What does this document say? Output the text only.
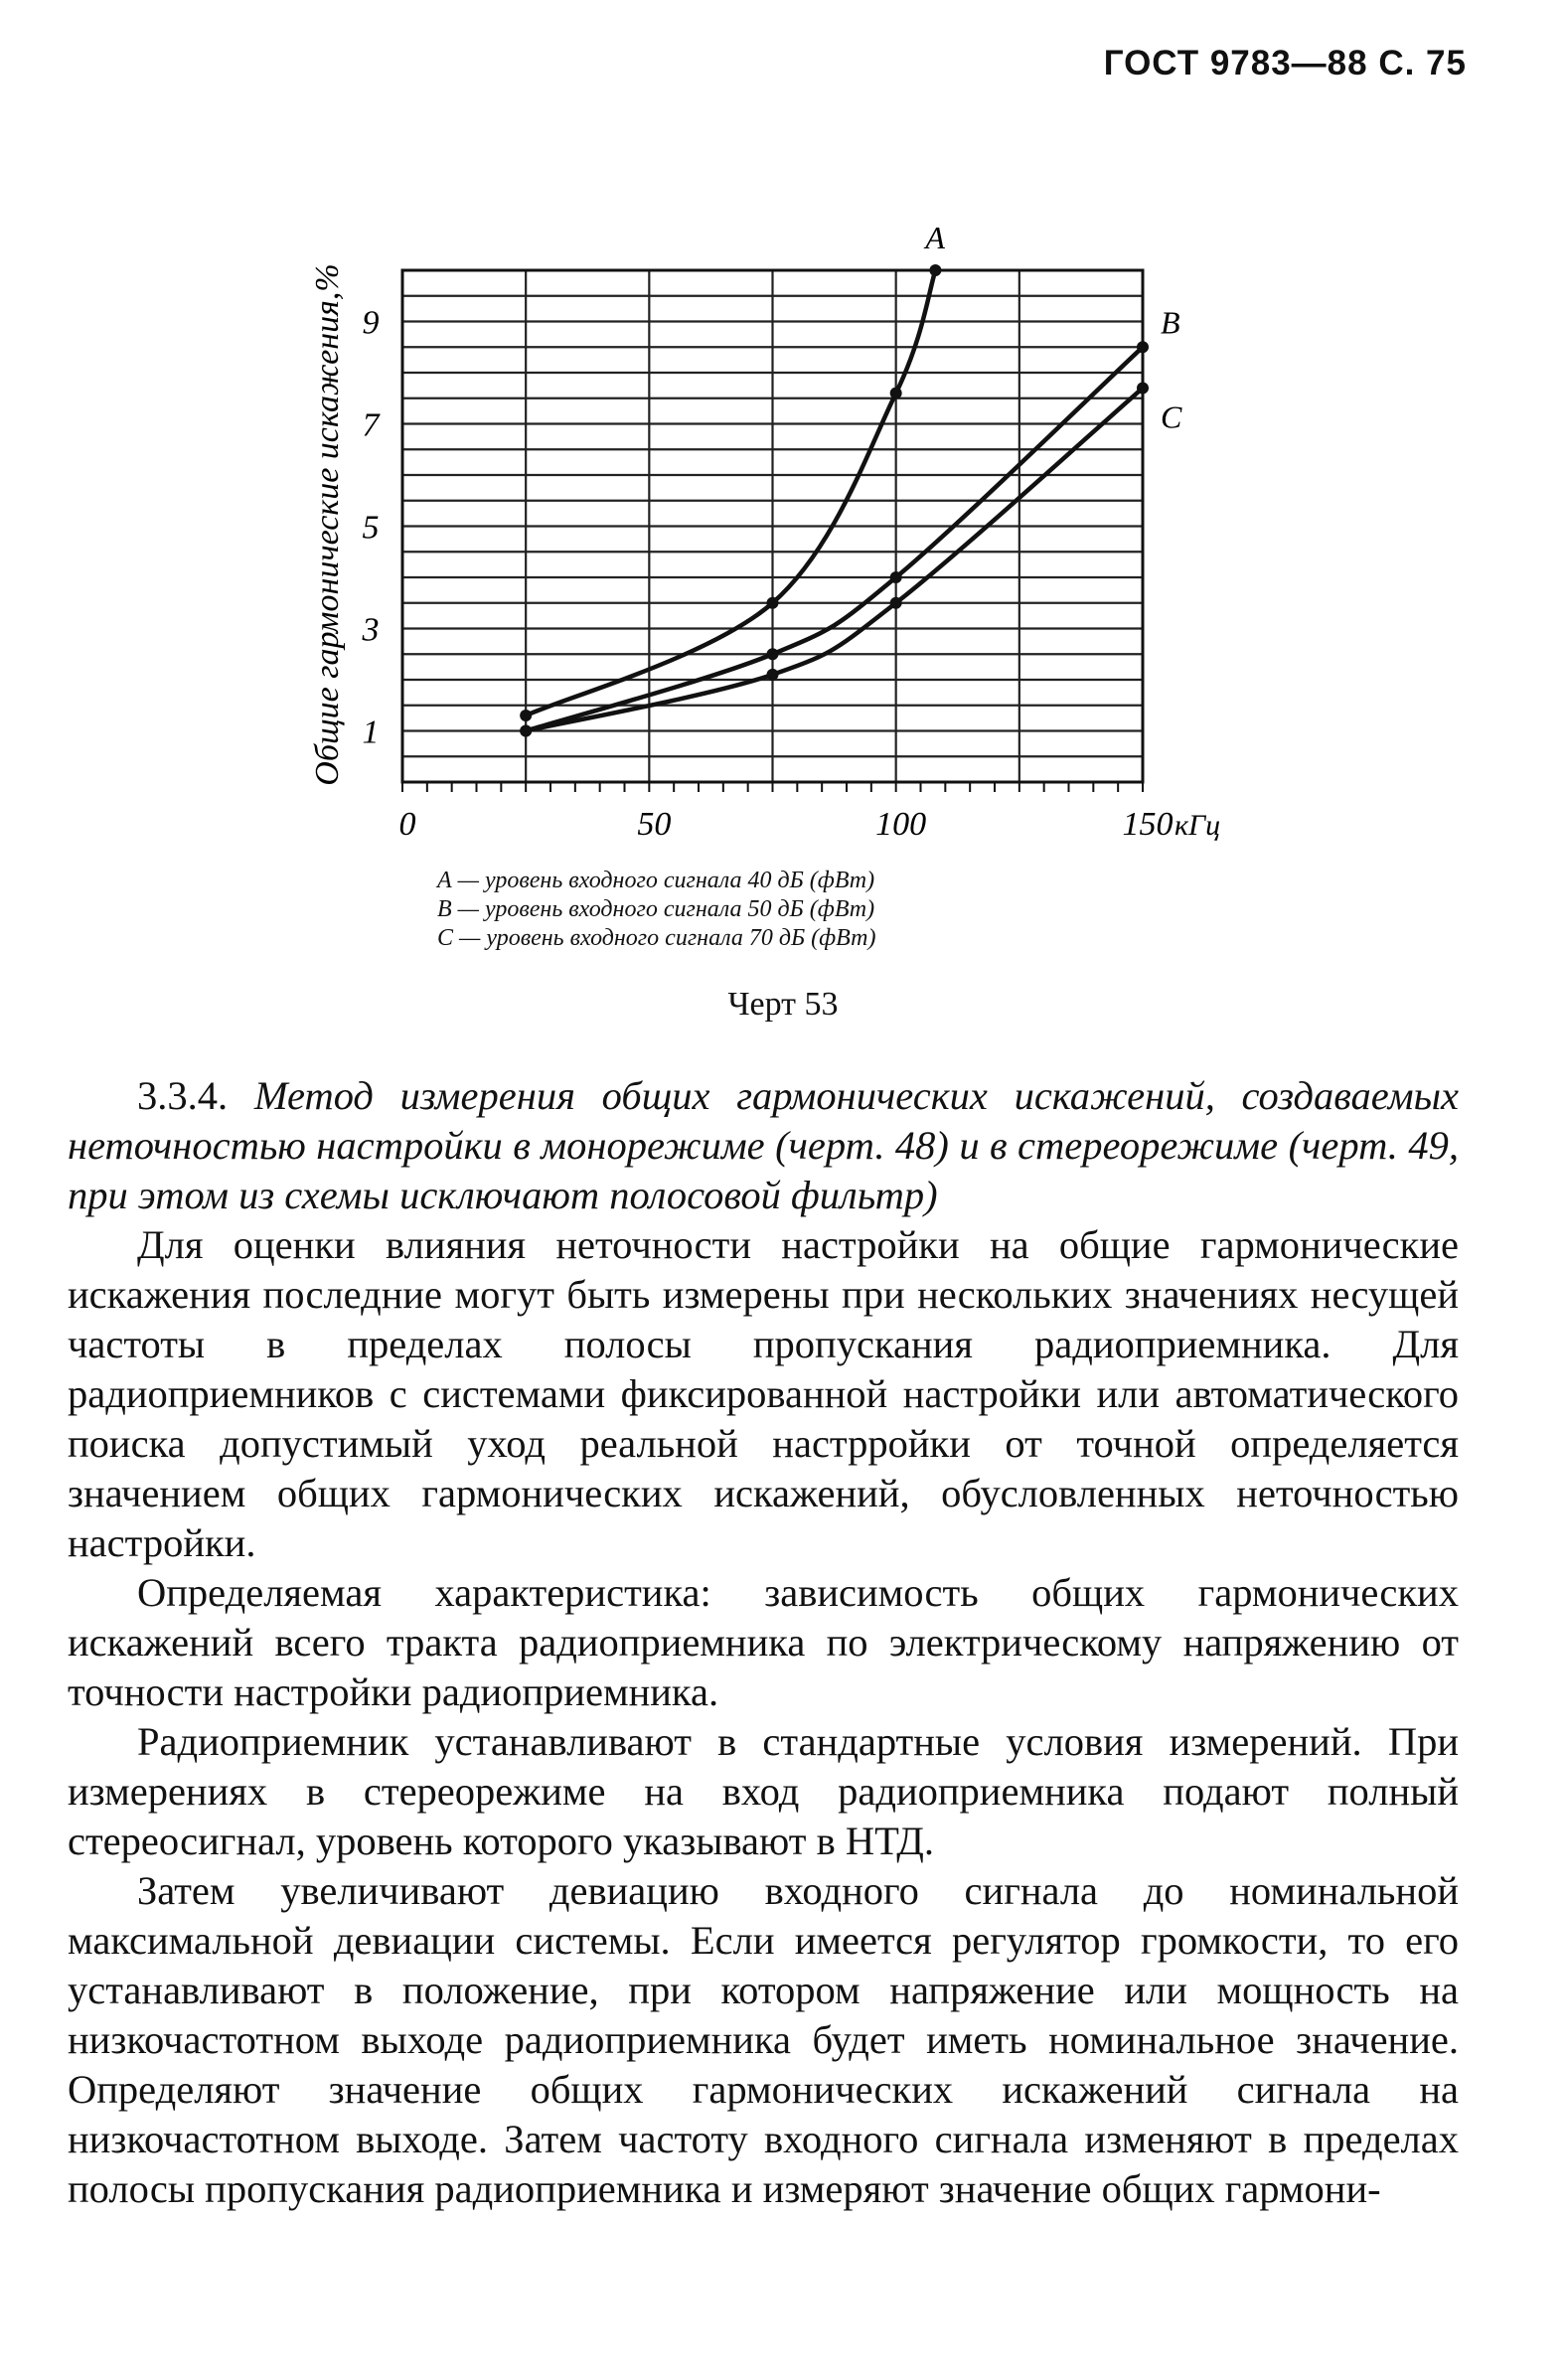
ГОСТ 9783—88 С. 75
1
3
5
7
9
0	50	100	150
A
B
C
Общие гармонические искажения,%
кГц
А — уровень входного сигнала 40 дБ (фВт)
В — уровень входного сигнала 50 дБ (фВт)
С — уровень входного сигнала 70 дБ (фВт)
Черт 53

3.3.4. Метод измерения общих гармонических искажений, создаваемых неточностью настройки в монорежиме (черт. 48) и в стереорежиме (черт. 49, при этом из схемы исключают полосовой фильтр)

Для оценки влияния неточности настройки на общие гармонические искажения последние могут быть измерены при нескольких значениях несущей частоты в пределах полосы пропускания радиоприемника. Для радиоприемников с системами фиксированной настройки или автоматического поиска допустимый уход реальной настрройки от точной определяется значением общих гармонических искажений, обусловленных неточностью настройки.

Определяемая характеристика: зависимость общих гармонических искажений всего тракта радиоприемника по электрическому напряжению от точности настройки радиоприемника.

Радиоприемник устанавливают в стандартные условия измерений. При измерениях в стереорежиме на вход радиоприемника подают полный стереосигнал, уровень которого указывают в НТД.

Затем увеличивают девиацию входного сигнала до номинальной максимальной девиации системы. Если имеется регулятор громкости, то его устанавливают в положение, при котором напряжение или мощность на низкочастотном выходе радиоприемника будет иметь номинальное значение. Определяют значение общих гармонических искажений сигнала на низкочастотном выходе. Затем частоту входного сигнала изменяют в пределах полосы пропускания радиоприемника и измеряют значение общих гармони-
